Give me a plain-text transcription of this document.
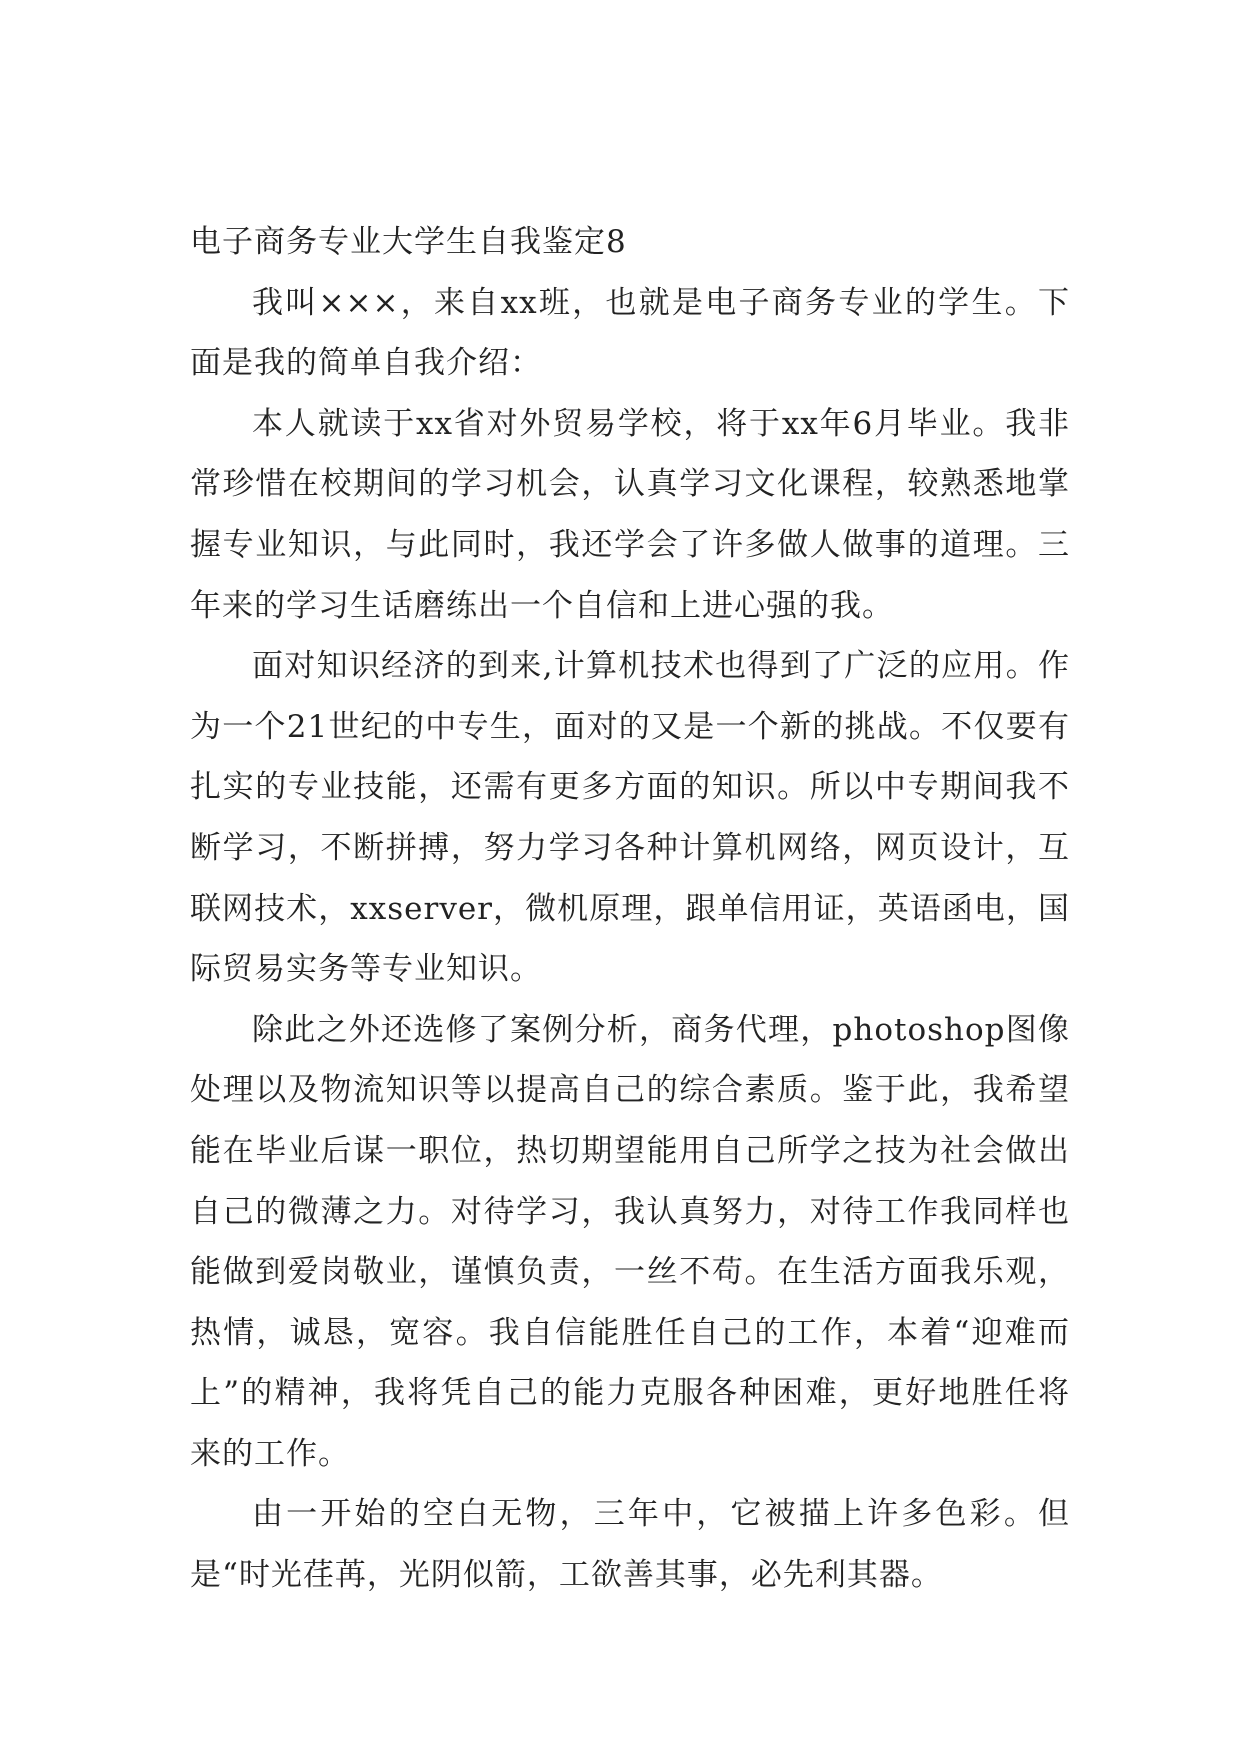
电子商务专业大学生自我鉴定8

我叫×××，来自xx班，也就是电子商务专业的学生。下面是我的简单自我介绍：

本人就读于xx省对外贸易学校，将于xx年6月毕业。我非常珍惜在校期间的学习机会，认真学习文化课程，较熟悉地掌握专业知识，与此同时，我还学会了许多做人做事的道理。三年来的学习生话磨练出一个自信和上进心强的我。

面对知识经济的到来,计算机技术也得到了广泛的应用。作为一个21世纪的中专生，面对的又是一个新的挑战。不仅要有扎实的专业技能，还需有更多方面的知识。所以中专期间我不断学习，不断拼搏，努力学习各种计算机网络，网页设计，互联网技术，xxserver，微机原理，跟单信用证，英语函电，国际贸易实务等专业知识。

除此之外还选修了案例分析，商务代理，photoshop图像处理以及物流知识等以提高自己的综合素质。鉴于此，我希望能在毕业后谋一职位，热切期望能用自己所学之技为社会做出自己的微薄之力。对待学习，我认真努力，对待工作我同样也能做到爱岗敬业，谨慎负责，一丝不苟。在生活方面我乐观，热情，诚恳，宽容。我自信能胜任自己的工作，本着“迎难而上”的精神，我将凭自己的能力克服各种困难，更好地胜任将来的工作。

由一开始的空白无物，三年中，它被描上许多色彩。但是“时光荏苒，光阴似箭，工欲善其事，必先利其器。
